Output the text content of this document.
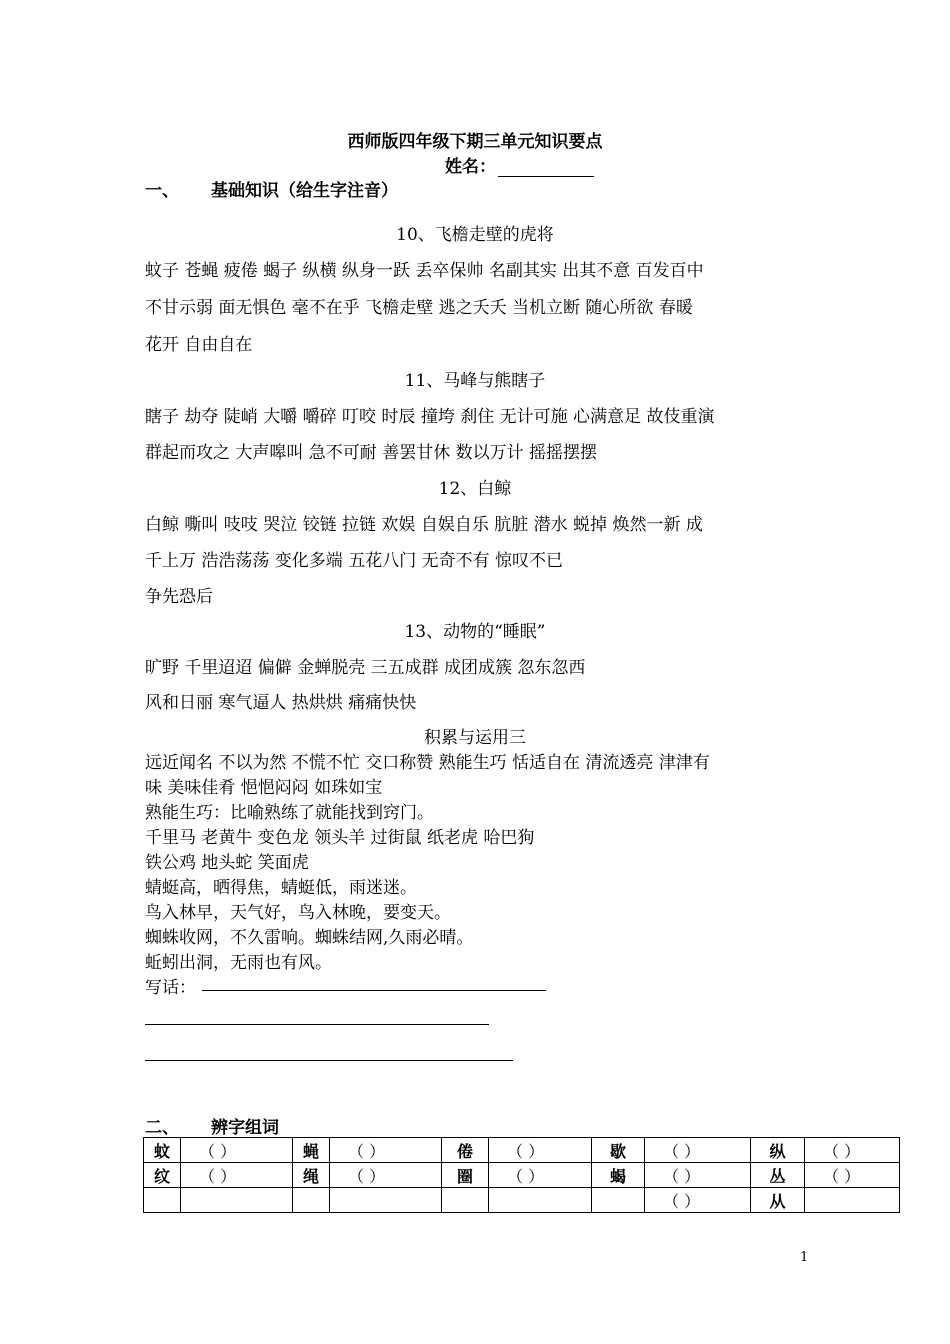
西师版四年级下期三单元知识要点
姓名：
一、 基础知识（给生字注音）
10、飞檐走壁的虎将
蚊子 苍蝇 疲倦 蝎子 纵横 纵身一跃 丢卒保帅 名副其实 出其不意 百发百中
不甘示弱 面无惧色 毫不在乎 飞檐走壁 逃之夭夭 当机立断 随心所欲 春暖
花开 自由自在
11、马峰与熊瞎子
瞎子 劫夺 陡峭 大嚼 嚼碎 叮咬 时辰 撞垮 刹住 无计可施 心满意足 故伎重演
群起而攻之 大声嗥叫 急不可耐 善罢甘休 数以万计 摇摇摆摆
12、白鲸
白鲸 嘶叫 吱吱 哭泣 铰链 拉链 欢娱 自娱自乐 肮脏 潜水 蜕掉 焕然一新 成
千上万 浩浩荡荡 变化多端 五花八门 无奇不有 惊叹不已
争先恐后
13、动物的“睡眠”
旷野 千里迢迢 偏僻 金蝉脱壳 三五成群 成团成簇 忽东忽西
风和日丽 寒气逼人 热烘烘 痛痛快快
积累与运用三
远近闻名 不以为然 不慌不忙 交口称赞 熟能生巧 恬适自在 清流透亮 津津有
味 美味佳肴 悒悒闷闷 如珠如宝
熟能生巧：比喻熟练了就能找到窍门。
千里马 老黄牛 变色龙 领头羊 过街鼠 纸老虎 哈巴狗
铁公鸡 地头蛇 笑面虎
蜻蜓高，晒得焦，蜻蜓低，雨迷迷。
鸟入林早，天气好，鸟入林晚，要变天。
蜘蛛收网，不久雷响。蜘蛛结网,久雨必晴。
蚯蚓出洞，无雨也有风。
写话：
二、 辨字组词
蚊	（ ）	蝇	（ ）	倦	（ ）	歇	（ ）	纵	（ ）
纹	（ ）	绳	（ ）	圈	（ ）	蝎	（ ）	丛	（ ）
							（ ）	从	
1
